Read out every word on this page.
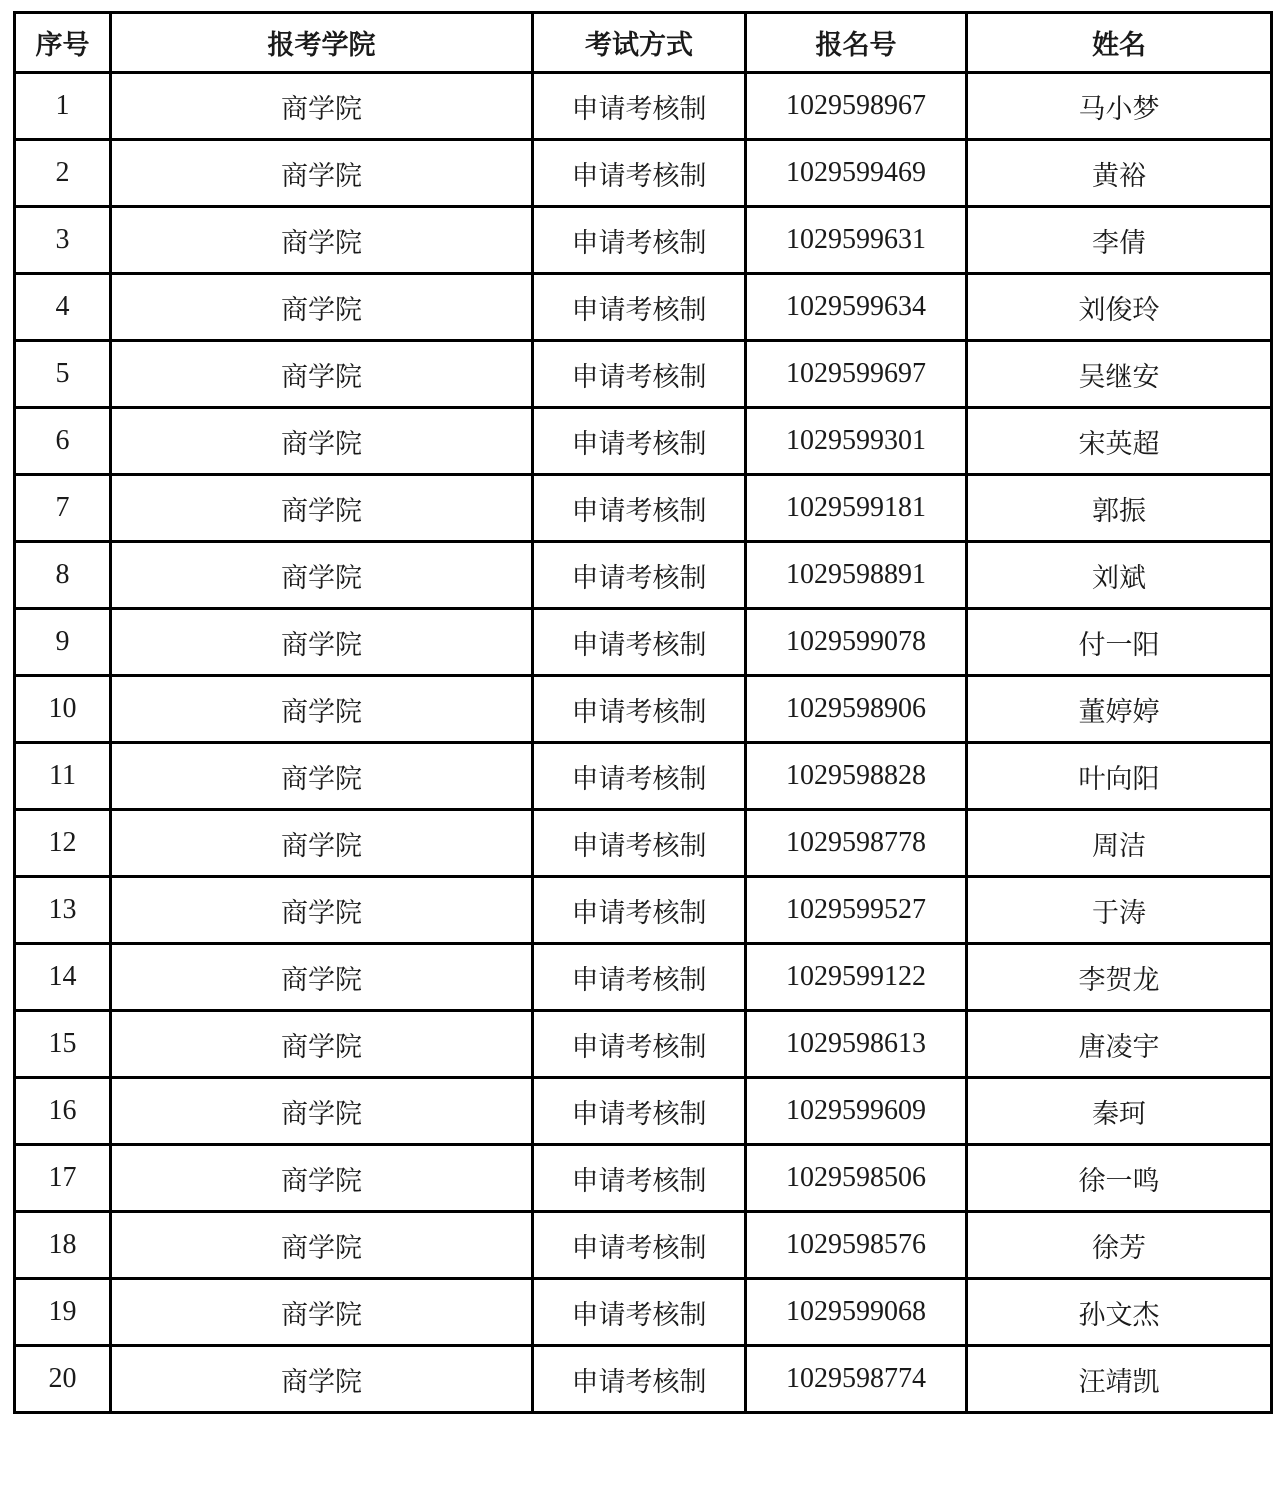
序号	报考学院	考试方式	报名号	姓名
1	商学院	申请考核制	1029598967	马小梦
2	商学院	申请考核制	1029599469	黄裕
3	商学院	申请考核制	1029599631	李倩
4	商学院	申请考核制	1029599634	刘俊玲
5	商学院	申请考核制	1029599697	吴继安
6	商学院	申请考核制	1029599301	宋英超
7	商学院	申请考核制	1029599181	郭振
8	商学院	申请考核制	1029598891	刘斌
9	商学院	申请考核制	1029599078	付一阳
10	商学院	申请考核制	1029598906	董婷婷
11	商学院	申请考核制	1029598828	叶向阳
12	商学院	申请考核制	1029598778	周洁
13	商学院	申请考核制	1029599527	于涛
14	商学院	申请考核制	1029599122	李贺龙
15	商学院	申请考核制	1029598613	唐凌宇
16	商学院	申请考核制	1029599609	秦珂
17	商学院	申请考核制	1029598506	徐一鸣
18	商学院	申请考核制	1029598576	徐芳
19	商学院	申请考核制	1029599068	孙文杰
20	商学院	申请考核制	1029598774	汪靖凯
